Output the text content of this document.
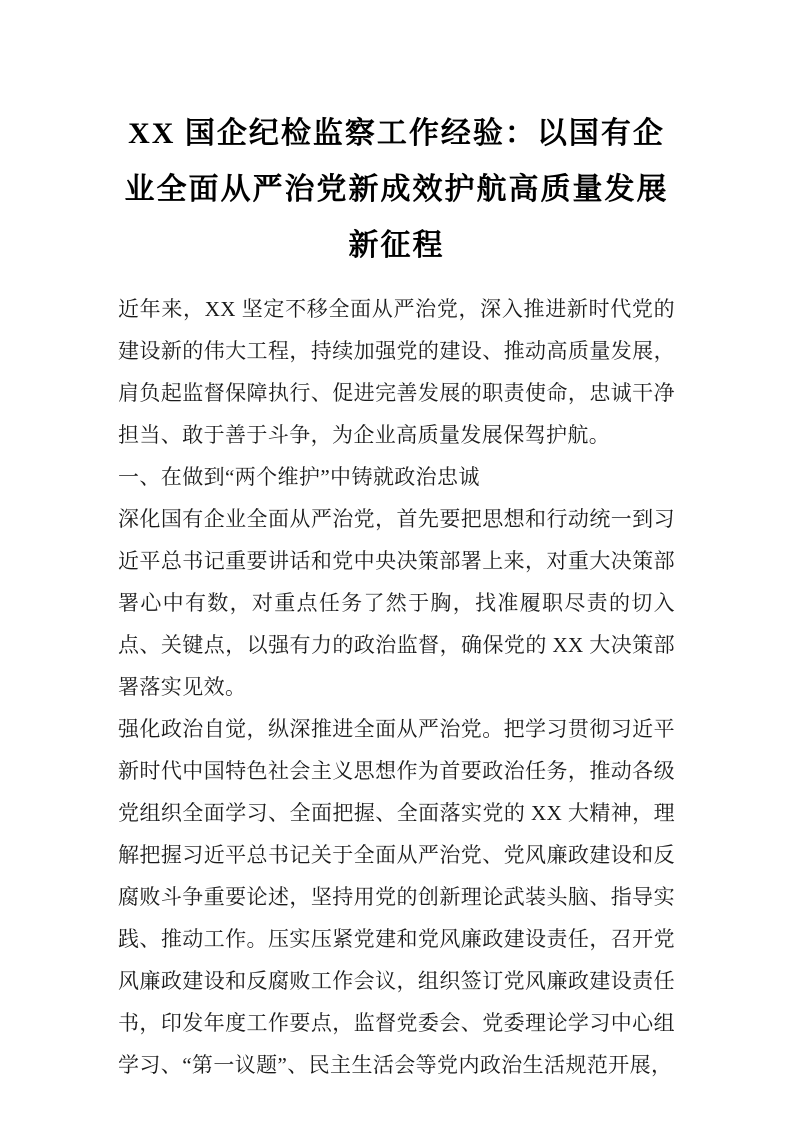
XX 国企纪检监察工作经验：以国有企业全面从严治党新成效护航高质量发展新征程

近年来，XX 坚定不移全面从严治党，深入推进新时代党的建设新的伟大工程，持续加强党的建设、推动高质量发展，肩负起监督保障执行、促进完善发展的职责使命，忠诚干净担当、敢于善于斗争，为企业高质量发展保驾护航。

一、在做到“两个维护”中铸就政治忠诚

深化国有企业全面从严治党，首先要把思想和行动统一到习近平总书记重要讲话和党中央决策部署上来，对重大决策部署心中有数，对重点任务了然于胸，找准履职尽责的切入点、关键点，以强有力的政治监督，确保党的 XX 大决策部署落实见效。

强化政治自觉，纵深推进全面从严治党。把学习贯彻习近平新时代中国特色社会主义思想作为首要政治任务，推动各级党组织全面学习、全面把握、全面落实党的 XX 大精神，理解把握习近平总书记关于全面从严治党、党风廉政建设和反腐败斗争重要论述，坚持用党的创新理论武装头脑、指导实践、推动工作。压实压紧党建和党风廉政建设责任，召开党风廉政建设和反腐败工作会议，组织签订党风廉政建设责任书，印发年度工作要点，监督党委会、党委理论学习中心组学习、“第一议题”、民主生活会等党内政治生活规范开展，
